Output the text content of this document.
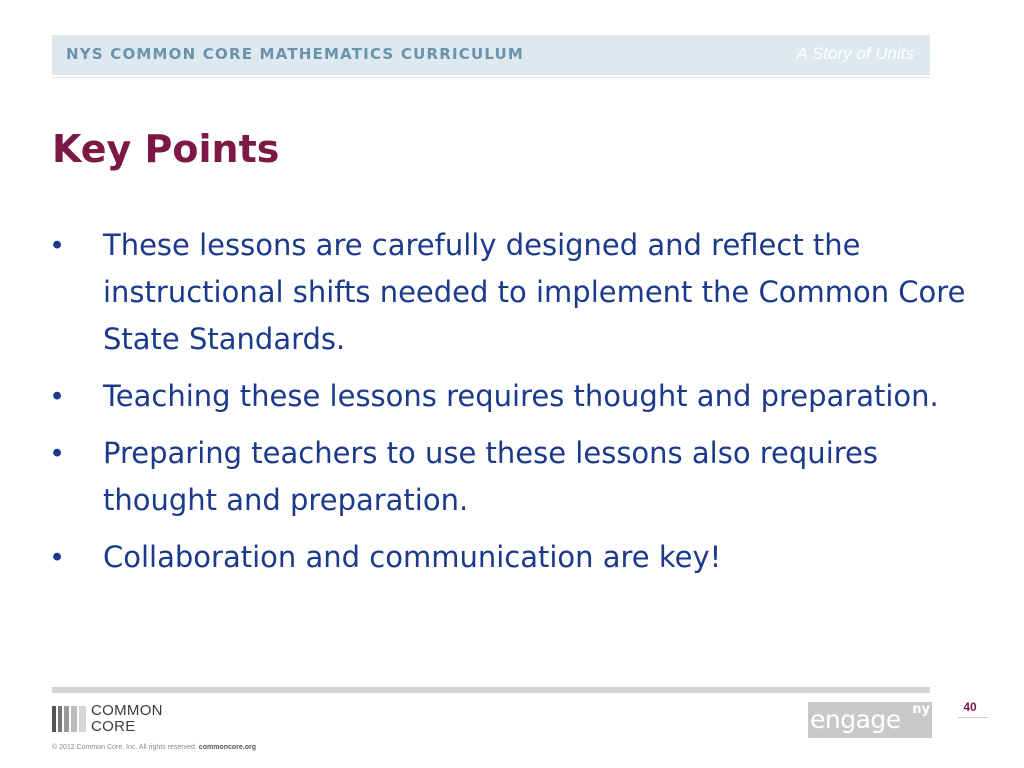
NYS COMMON CORE MATHEMATICS CURRICULUM	A Story of Units
Key Points
•	These lessons are carefully designed and reflect the instructional shifts needed to implement the Common Core State Standards.
•	Teaching these lessons requires thought and preparation.
•	Preparing teachers to use these lessons also requires thought and preparation.
•	Collaboration and communication are key!
COMMON
CORE
© 2012 Common Core, Inc. All rights reserved. commoncore.org
engage ny	40
